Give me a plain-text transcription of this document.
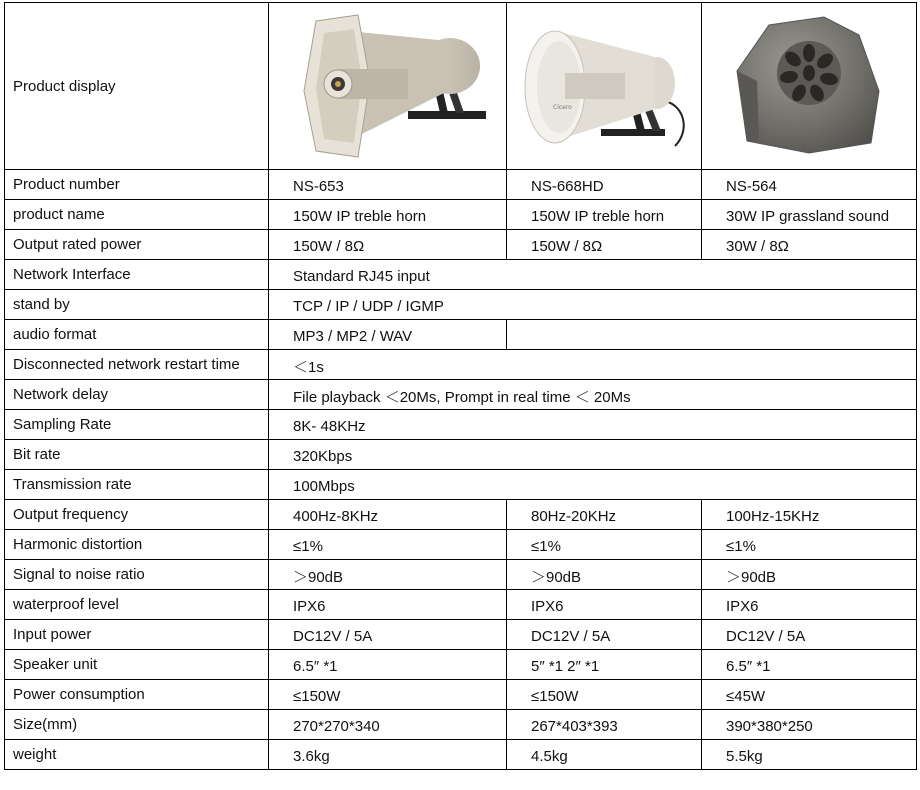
Product display		Cicero

Product number	NS-653	NS-668HD	NS-564
product name	150W IP treble horn	150W IP treble horn	30W IP grassland sound
Output rated power	150W / 8Ω	150W / 8Ω	30W / 8Ω
Network Interface	Standard RJ45 input		
stand by	TCP / IP / UDP / IGMP		
audio format	MP3 / MP2 / WAV		
Disconnected network restart time	＜1s		
Network delay	File playback ＜20Ms, Prompt in real time ＜ 20Ms		
Sampling Rate	8K- 48KHz		
Bit rate	320Kbps		
Transmission rate	100Mbps		
Output frequency	400Hz-8KHz	80Hz-20KHz	100Hz-15KHz
Harmonic distortion	≤1%	≤1%	≤1%
Signal to noise ratio	＞90dB	＞90dB	＞90dB
waterproof level	IPX6	IPX6	IPX6
Input power	DC12V / 5A	DC12V / 5A	DC12V / 5A
Speaker unit	6.5″ *1	5″ *1 2″ *1	6.5″ *1
Power consumption	≤150W	≤150W	≤45W
Size(mm)	270*270*340	267*403*393	390*380*250
weight	3.6kg	4.5kg	5.5kg
